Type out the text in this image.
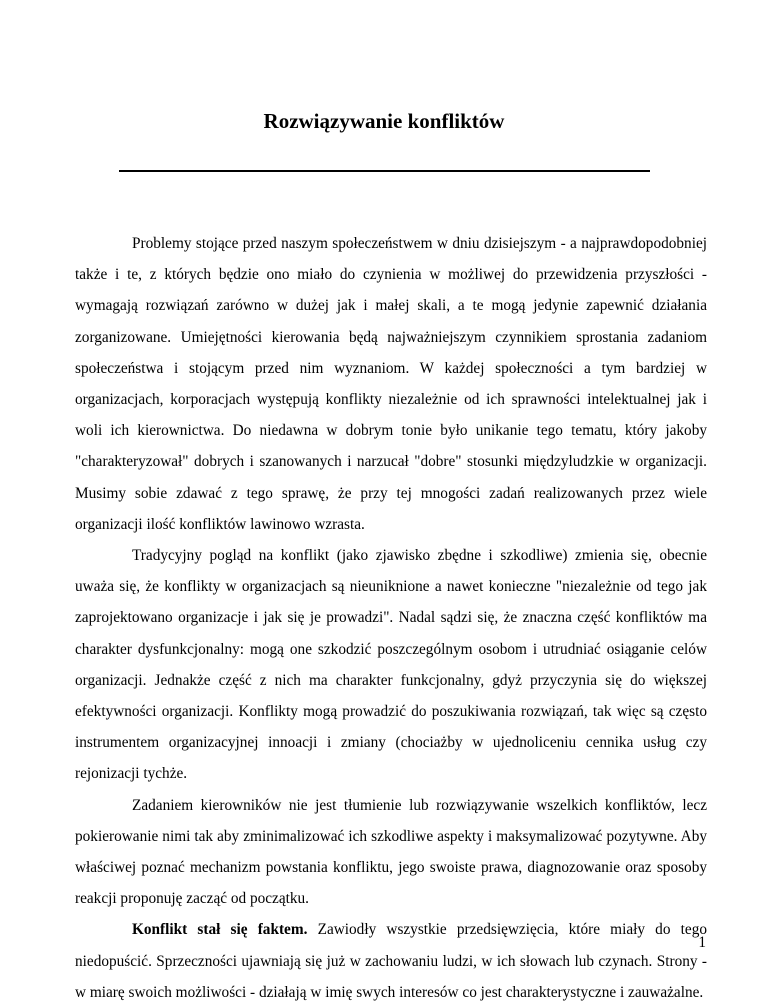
Rozwiązywanie konfliktów

Problemy stojące przed naszym społeczeństwem w dniu dzisiejszym - a najprawdopodobniej także i te, z których będzie ono miało do czynienia w możliwej do przewidzenia przyszłości - wymagają rozwiązań zarówno w dużej jak i małej skali, a te mogą jedynie zapewnić działania zorganizowane. Umiejętności kierowania będą najważniejszym czynnikiem sprostania zadaniom społeczeństwa i stojącym przed nim wyznaniom. W każdej społeczności a tym bardziej w organizacjach, korporacjach występują konflikty niezależnie od ich sprawności intelektualnej jak i woli ich kierownictwa. Do niedawna w dobrym tonie było unikanie tego tematu, który jakoby "charakteryzował" dobrych i szanowanych i narzucał "dobre" stosunki międzyludzkie w organizacji. Musimy sobie zdawać z tego sprawę, że przy tej mnogości zadań realizowanych przez wiele organizacji ilość konfliktów lawinowo wzrasta.

Tradycyjny pogląd na konflikt (jako zjawisko zbędne i szkodliwe) zmienia się, obecnie uważa się, że konflikty w organizacjach są nieuniknione a nawet konieczne "niezależnie od tego jak zaprojektowano organizacje i jak się je prowadzi". Nadal sądzi się, że znaczna część konfliktów ma charakter dysfunkcjonalny: mogą one szkodzić poszczególnym osobom i utrudniać osiąganie celów organizacji. Jednakże część z nich ma charakter funkcjonalny, gdyż przyczynia się do większej efektywności organizacji. Konflikty mogą prowadzić do poszukiwania rozwiązań, tak więc są często instrumentem organizacyjnej innoacji i zmiany (chociażby w ujednoliceniu cennika usług czy rejonizacji tychże.

Zadaniem kierowników nie jest tłumienie lub rozwiązywanie wszelkich konfliktów, lecz pokierowanie nimi tak aby zminimalizować ich szkodliwe aspekty i maksymalizować pozytywne. Aby właściwej poznać mechanizm powstania konfliktu, jego swoiste prawa, diagnozowanie oraz sposoby reakcji proponuję zacząć od początku.

Konflikt stał się faktem. Zawiodły wszystkie przedsięwzięcia, które miały do tego niedopuścić. Sprzeczności ujawniają się już w zachowaniu ludzi, w ich słowach lub czynach. Strony - w miarę swoich możliwości - działają w imię swych interesów co jest charakterystyczne i zauważalne.

1
